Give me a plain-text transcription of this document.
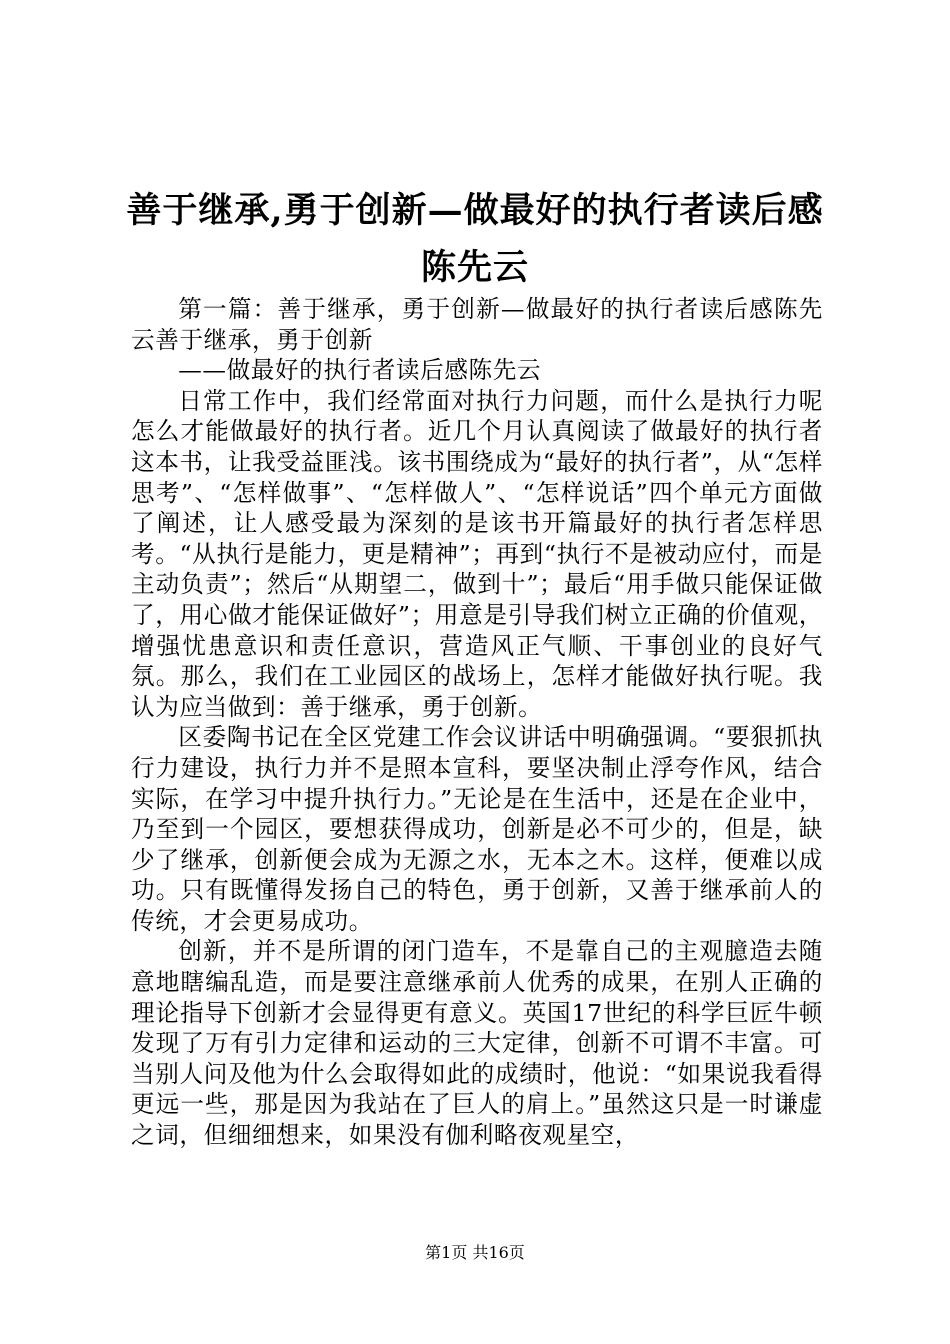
善于继承,勇于创新—做最好的执行者读后感
陈先云

第一篇：善于继承，勇于创新—做最好的执行者读后感陈先云善于继承，勇于创新

——做最好的执行者读后感陈先云

日常工作中，我们经常面对执行力问题，而什么是执行力呢怎么才能做最好的执行者。近几个月认真阅读了做最好的执行者这本书，让我受益匪浅。该书围绕成为“最好的执行者”，从“怎样思考”、“怎样做事”、“怎样做人”、“怎样说话”四个单元方面做了阐述，让人感受最为深刻的是该书开篇最好的执行者怎样思考。“从执行是能力，更是精神”；再到“执行不是被动应付，而是主动负责”；然后“从期望二，做到十”；最后“用手做只能保证做了，用心做才能保证做好”；用意是引导我们树立正确的价值观，增强忧患意识和责任意识，营造风正气顺、干事创业的良好气氛。那么，我们在工业园区的战场上，怎样才能做好执行呢。我认为应当做到：善于继承，勇于创新。

区委陶书记在全区党建工作会议讲话中明确强调。“要狠抓执行力建设，执行力并不是照本宣科，要坚决制止浮夸作风，结合实际，在学习中提升执行力。”无论是在生活中，还是在企业中，乃至到一个园区，要想获得成功，创新是必不可少的，但是，缺少了继承，创新便会成为无源之水，无本之木。这样，便难以成功。只有既懂得发扬自己的特色，勇于创新，又善于继承前人的传统，才会更易成功。

创新，并不是所谓的闭门造车，不是靠自己的主观臆造去随意地瞎编乱造，而是要注意继承前人优秀的成果，在别人正确的理论指导下创新才会显得更有意义。英国17世纪的科学巨匠牛顿发现了万有引力定律和运动的三大定律，创新不可谓不丰富。可当别人问及他为什么会取得如此的成绩时，他说：“如果说我看得更远一些，那是因为我站在了巨人的肩上。”虽然这只是一时谦虚之词，但细细想来，如果没有伽利略夜观星空，

第1页 共16页
